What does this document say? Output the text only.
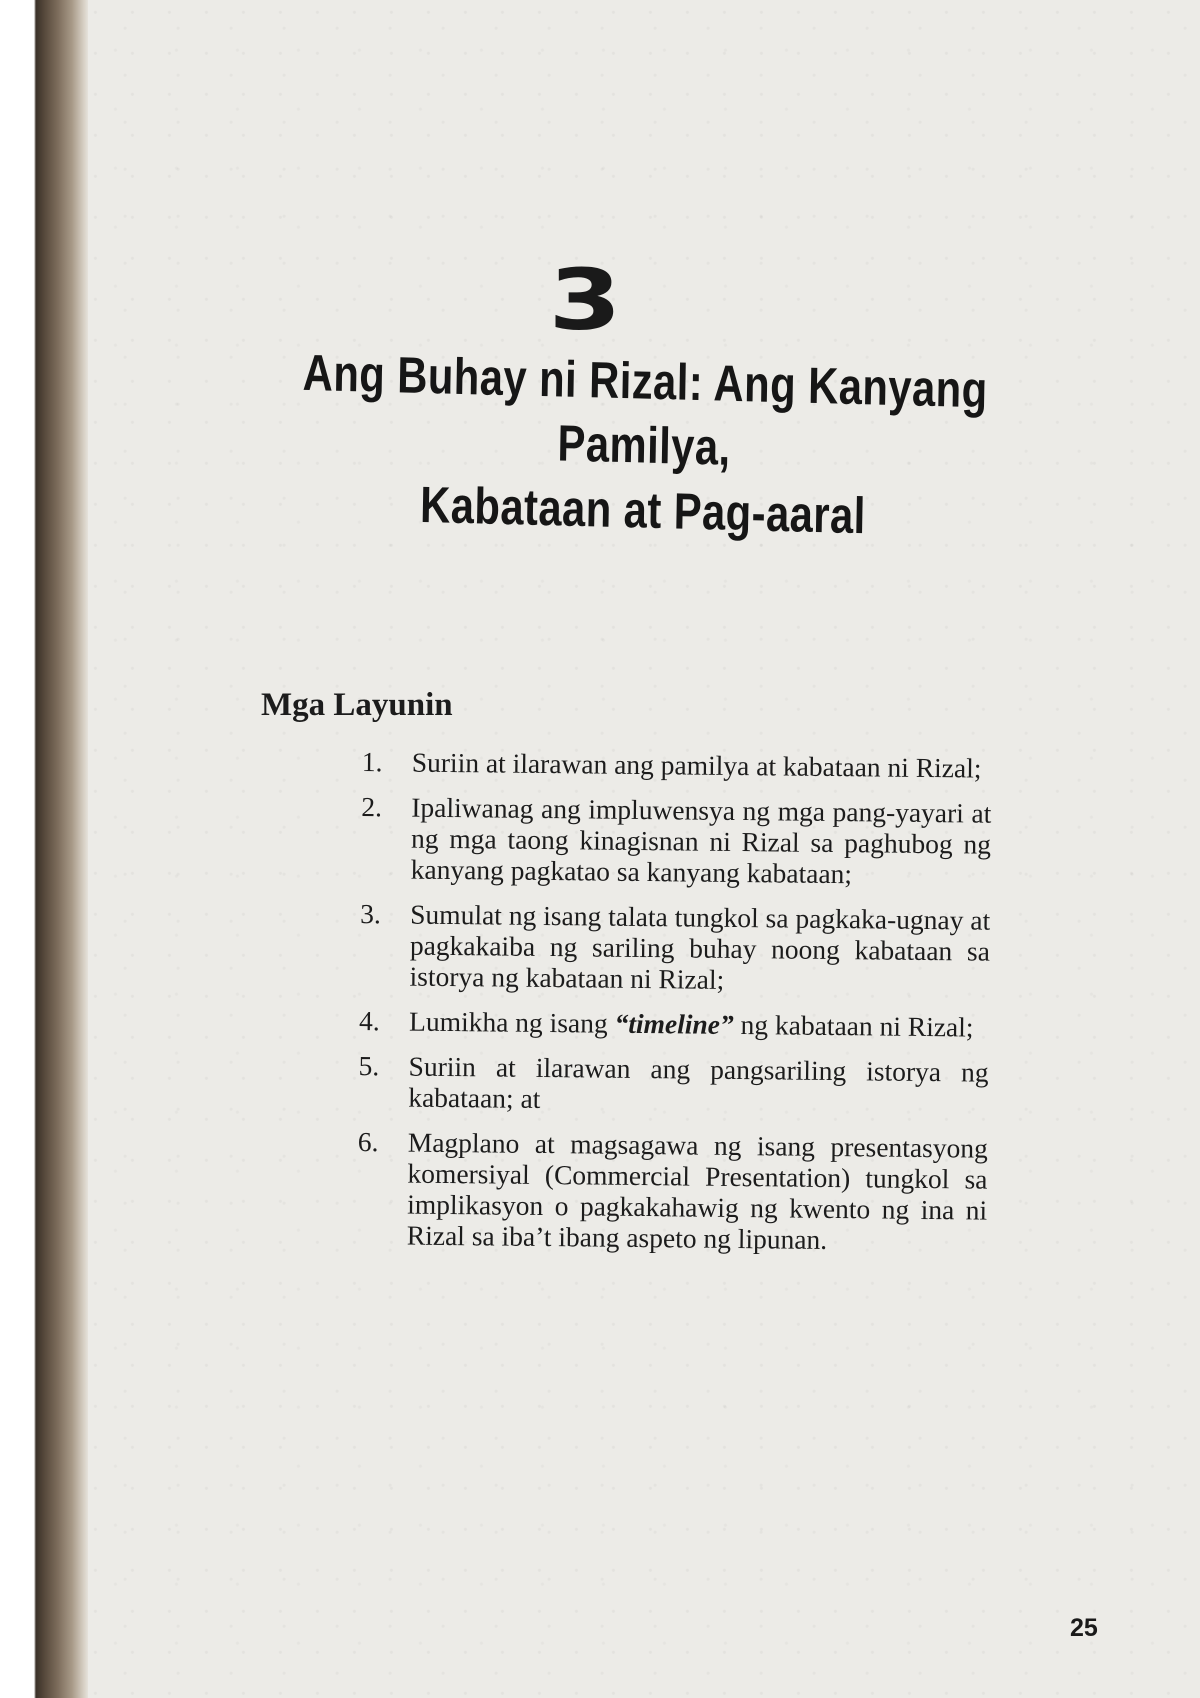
3
Ang Buhay ni Rizal: Ang Kanyang Pamilya,
Kabataan at Pag-aaral
Mga Layunin
1. Suriin at ilarawan ang pamilya at kabataan ni Rizal;
2. Ipaliwanag ang impluwensya ng mga pang-yayari at ng mga taong kinagisnan ni Rizal sa paghubog ng kanyang pagkatao sa kanyang kabataan;
3. Sumulat ng isang talata tungkol sa pagkaka-ugnay at pagkakaiba ng sariling buhay noong kabataan sa istorya ng kabataan ni Rizal;
4. Lumikha ng isang “timeline” ng kabataan ni Rizal;
5. Suriin at ilarawan ang pangsariling istorya ng kabataan; at
6. Magplano at magsagawa ng isang presentasyong komersiyal (Commercial Presentation) tungkol sa implikasyon o pagkakahawig ng kwento ng ina ni Rizal sa iba’t ibang aspeto ng lipunan.
25
